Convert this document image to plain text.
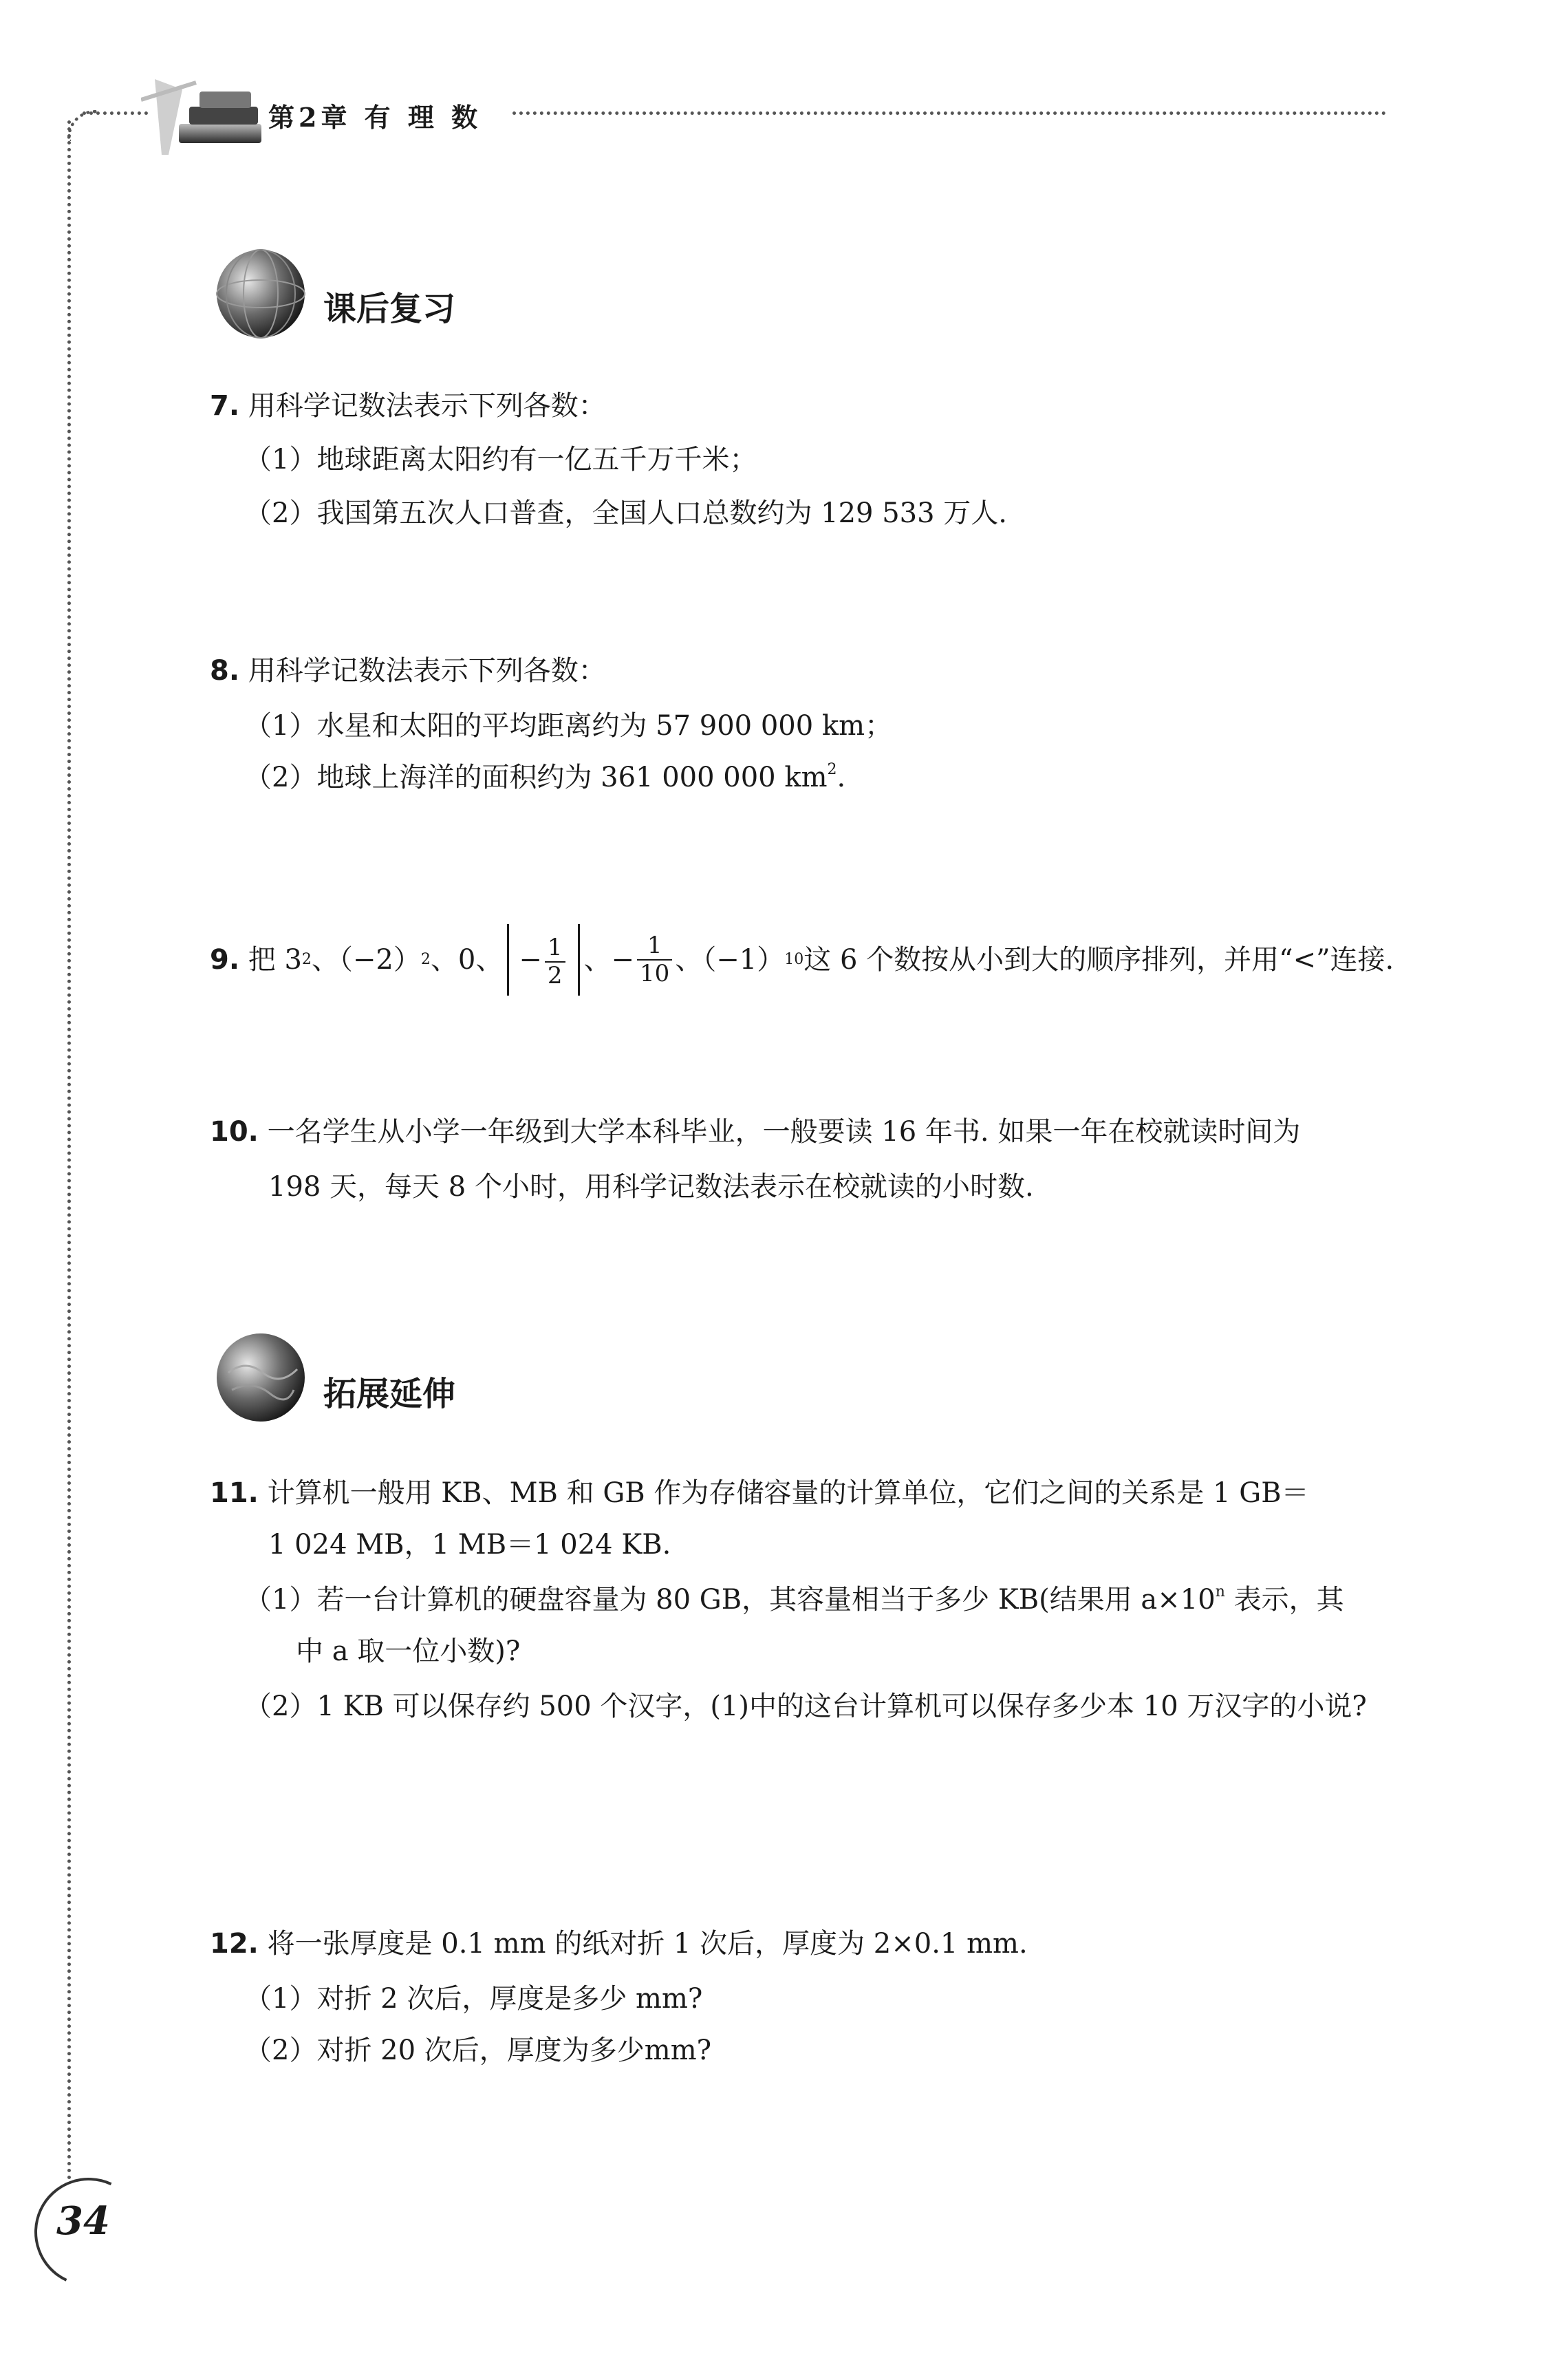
第2章 有 理 数
课后复习
7. 用科学记数法表示下列各数：
（1）地球距离太阳约有一亿五千万千米；
（2）我国第五次人口普查，全国人口总数约为 129 533 万人.
8. 用科学记数法表示下列各数：
（1）水星和太阳的平均距离约为 57 900 000 km；
（2）地球上海洋的面积约为 361 000 000 $km^2$.
9.
把 3 2 、（−2） 2 、0、 − $\frac{1}{2}$ 、− $\frac{1}{10}$ 、（−1） 10 这 6 个数按从小到大的顺序排列，并用“<”连接.
10. 一名学生从小学一年级到大学本科毕业，一般要读 16 年书. 如果一年在校就读时间为
198 天，每天 8 个小时，用科学记数法表示在校就读的小时数.
拓展延伸
11. 计算机一般用 KB、MB 和 GB 作为存储容量的计算单位，它们之间的关系是 1 GB＝
1 024 MB，1 MB＝1 024 KB.
（1）若一台计算机的硬盘容量为 80 GB，其容量相当于多少 KB(结果用 $a\times 10^n$ 表示，其
中 a 取一位小数)?
（2）1 KB 可以保存约 500 个汉字，(1)中的这台计算机可以保存多少本 10 万汉字的小说?
12. 将一张厚度是 0.1 mm 的纸对折 1 次后，厚度为 2×0.1 mm.
（1）对折 2 次后，厚度是多少 mm?
（2）对折 20 次后，厚度为多少mm?
34
